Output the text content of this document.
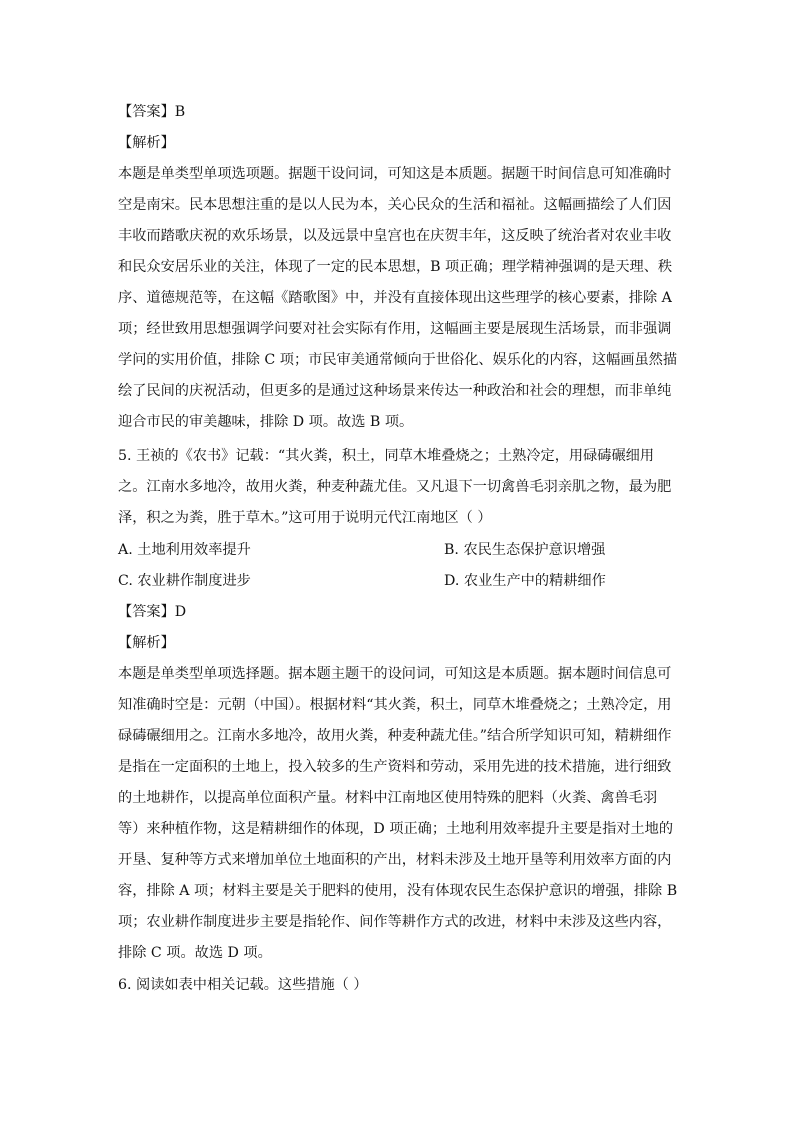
【答案】B
【解析】
本题是单类型单项选项题。据题干设问词，可知这是本质题。据题干时间信息可知准确时
空是南宋。民本思想注重的是以人民为本，关心民众的生活和福祉。这幅画描绘了人们因
丰收而踏歌庆祝的欢乐场景，以及远景中皇宫也在庆贺丰年，这反映了统治者对农业丰收
和民众安居乐业的关注，体现了一定的民本思想，B 项正确；理学精神强调的是天理、秩
序、道德规范等，在这幅《踏歌图》中，并没有直接体现出这些理学的核心要素，排除 A
项；经世致用思想强调学问要对社会实际有作用，这幅画主要是展现生活场景，而非强调
学问的实用价值，排除 C 项；市民审美通常倾向于世俗化、娱乐化的内容，这幅画虽然描
绘了民间的庆祝活动，但更多的是通过这种场景来传达一种政治和社会的理想，而非单纯
迎合市民的审美趣味，排除 D 项。故选 B 项。
5. 王祯的《农书》记载：“其火粪，积土，同草木堆叠烧之；土熟冷定，用碌碡碾细用
之。江南水多地冷，故用火粪，种麦种蔬尤佳。又凡退下一切禽兽毛羽亲肌之物，最为肥
泽，积之为粪，胜于草木。”这可用于说明元代江南地区（ ）
A. 土地利用效率提升	B. 农民生态保护意识增强
C. 农业耕作制度进步	D. 农业生产中的精耕细作
【答案】D
【解析】
本题是单类型单项选择题。据本题主题干的设问词，可知这是本质题。据本题时间信息可
知准确时空是：元朝（中国）。根据材料“其火粪，积土，同草木堆叠烧之；土熟冷定，用
碌碡碾细用之。江南水多地冷，故用火粪，种麦种蔬尤佳。”结合所学知识可知，精耕细作
是指在一定面积的土地上，投入较多的生产资料和劳动，采用先进的技术措施，进行细致
的土地耕作，以提高单位面积产量。材料中江南地区使用特殊的肥料（火粪、禽兽毛羽
等）来种植作物，这是精耕细作的体现，D 项正确；土地利用效率提升主要是指对土地的
开垦、复种等方式来增加单位土地面积的产出，材料未涉及土地开垦等利用效率方面的内
容，排除 A 项；材料主要是关于肥料的使用，没有体现农民生态保护意识的增强，排除 B
项；农业耕作制度进步主要是指轮作、间作等耕作方式的改进，材料中未涉及这些内容，
排除 C 项。故选 D 项。
6. 阅读如表中相关记载。这些措施（ ）
